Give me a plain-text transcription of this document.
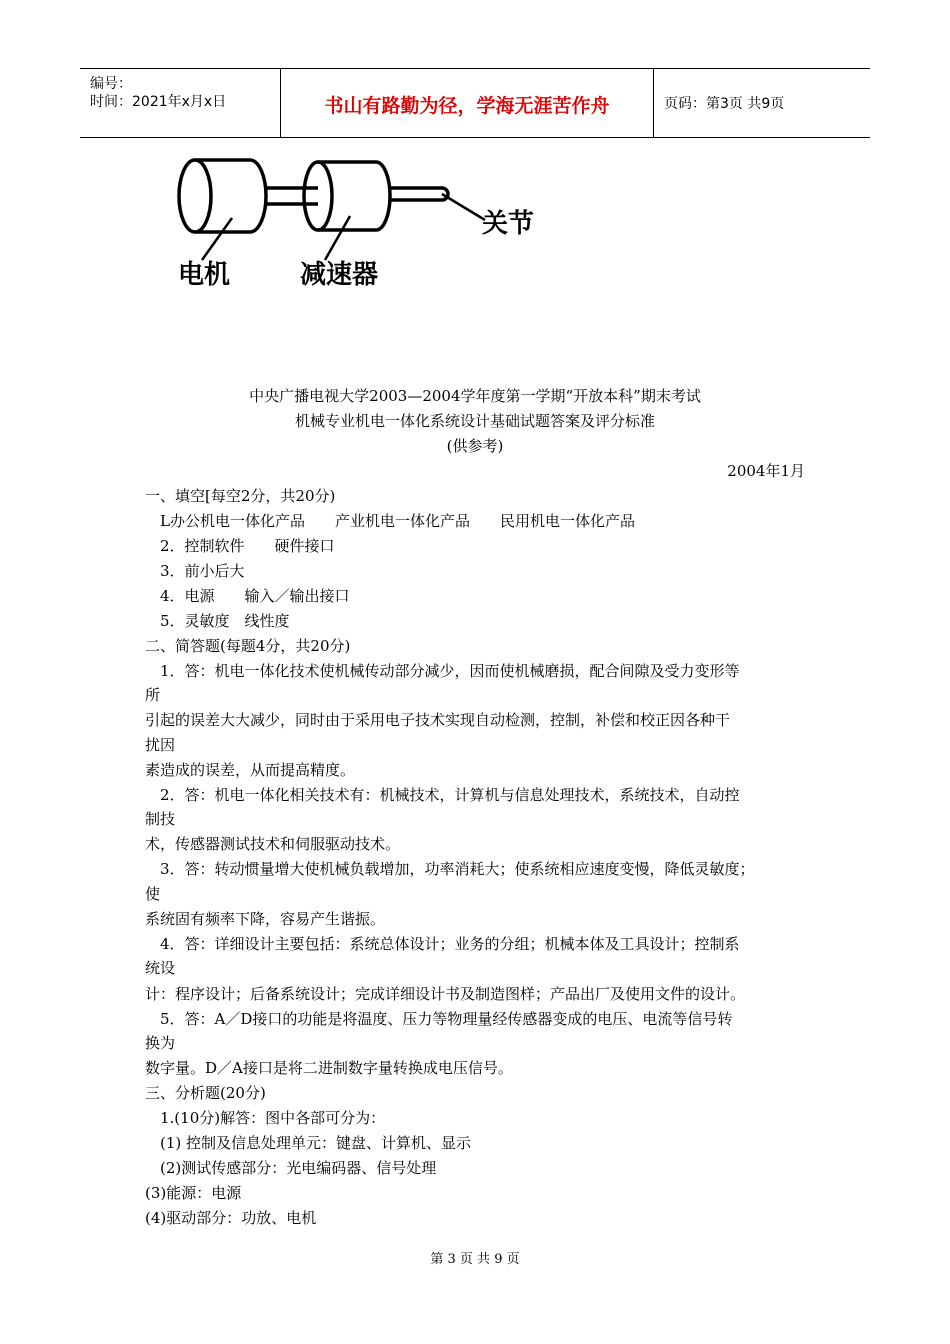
编号：
时间：2021年x月x日	书山有路勤为径，学海无涯苦作舟	页码：第3页 共9页
电机	减速器
关节
中央广播电视大学2003—2004学年度第一学期“开放本科”期末考试
机械专业机电一体化系统设计基础试题答案及评分标准
(供参考)
2004年1月
一、填空[每空2分，共20分)
L办公机电一体化产品　　产业机电一体化产品　　民用机电一体化产品
2．控制软件　　硬件接口
3．前小后大
4．电源　　输入／输出接口
5．灵敏度　线性度
二、简答题(每题4分，共20分)
1．答：机电一体化技术使机械传动部分减少，因而使机械磨损，配合间隙及受力变形等
所
引起的误差大大减少，同时由于采用电子技术实现自动检测，控制，补偿和校正因各种干
扰因
素造成的误差，从而提高精度。
2．答：机电一体化相关技术有：机械技术，计算机与信息处理技术，系统技术，自动控
制技
术，传感器测试技术和伺服驱动技术。
3．答：转动惯量增大使机械负载增加，功率消耗大；使系统相应速度变慢，降低灵敏度；
使
系统固有频率下降，容易产生谐振。
4．答：详细设计主要包括：系统总体设计；业务的分组；机械本体及工具设计；控制系
统设
计：程序设计；后备系统设计；完成详细设计书及制造图样；产品出厂及使用文件的设计。
5．答：A／D接口的功能是将温度、压力等物理量经传感器变成的电压、电流等信号转
换为
数字量。D／A接口是将二进制数字量转换成电压信号。
三、分析题(20分)
1.(10分)解答：图中各部可分为：
(1) 控制及信息处理单元：键盘、计算机、显示
(2)测试传感部分：光电编码器、信号处理
(3)能源：电源
(4)驱动部分：功放、电机
第 3 页 共 9 页
